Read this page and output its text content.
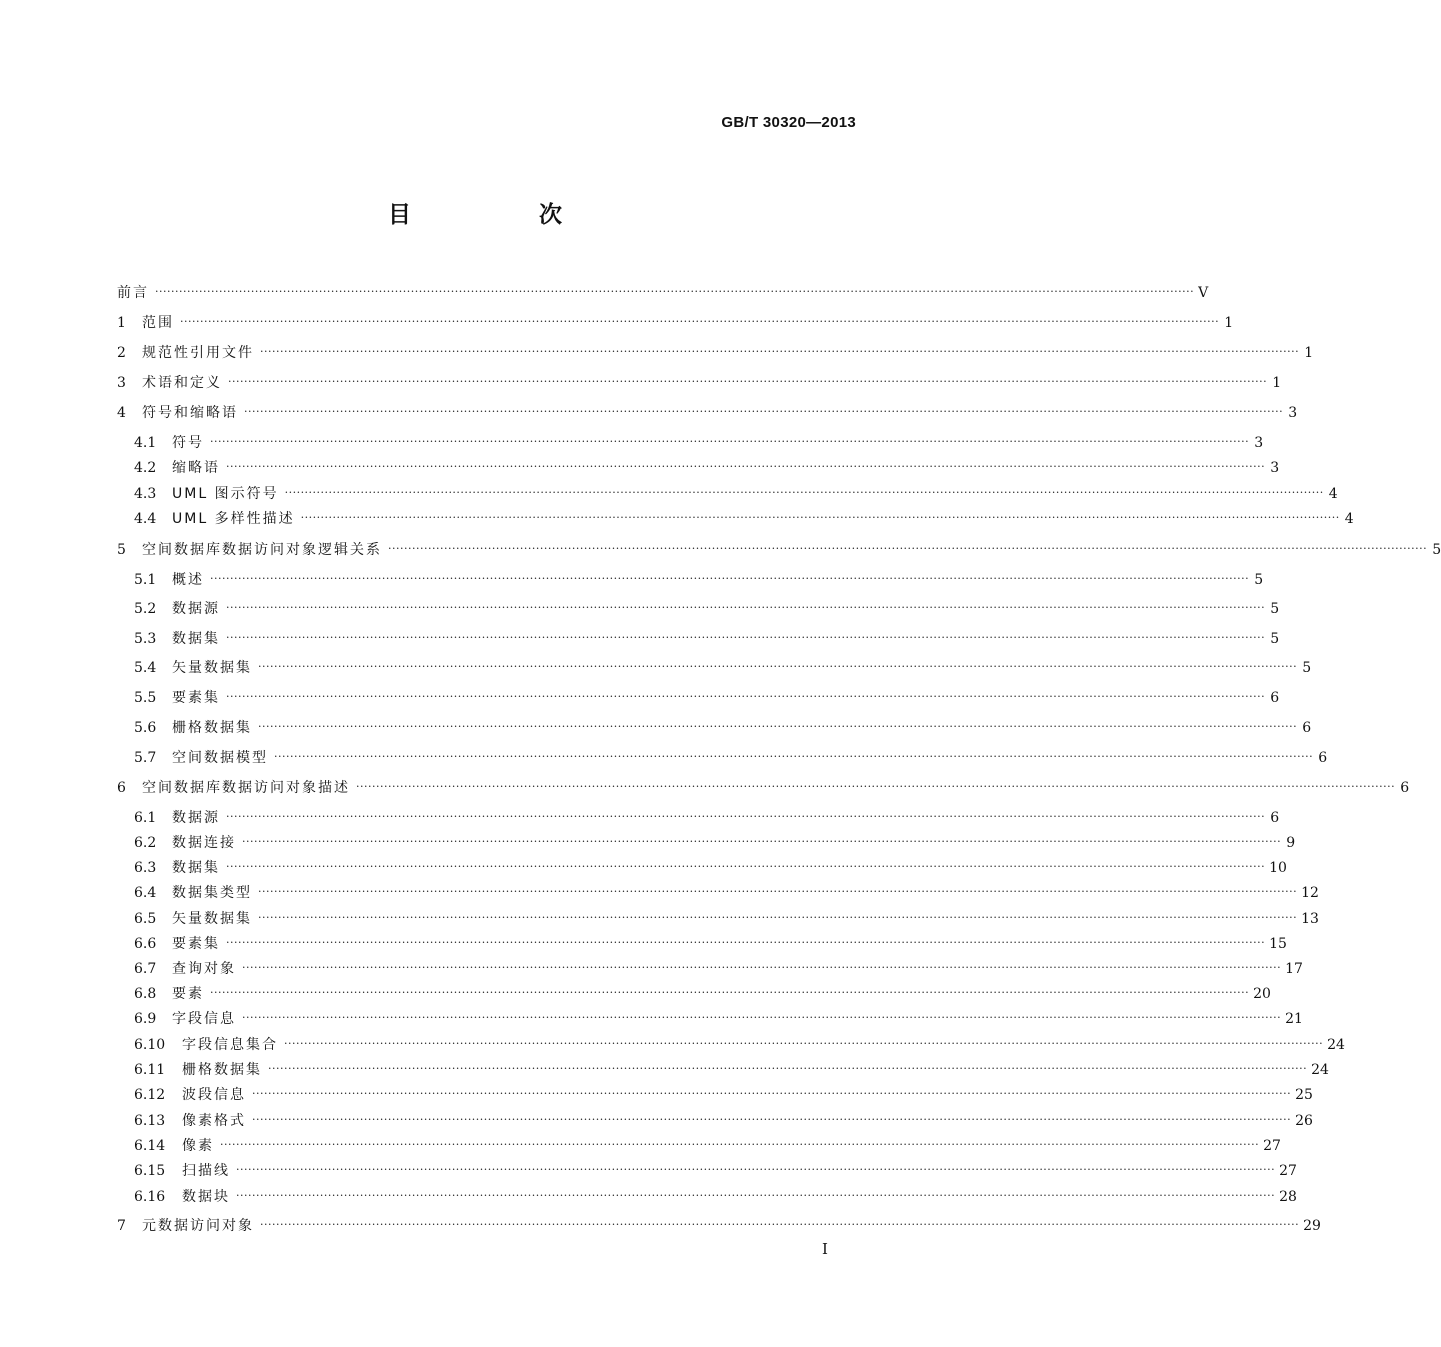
GB/T 30320—2013
目 次
前言 ···································································································································································································································································· V
1	范围 ···································································································································································································································································· 1
2	规范性引用文件 ···································································································································································································································································· 1
3	术语和定义 ···································································································································································································································································· 1
4	符号和缩略语 ···································································································································································································································································· 3
4.1	符号 ···································································································································································································································································· 3
4.2	缩略语 ···································································································································································································································································· 3
4.3	UML 图示符号 ···································································································································································································································································· 4
4.4	UML 多样性描述 ···································································································································································································································································· 4
5	空间数据库数据访问对象逻辑关系 ···································································································································································································································································· 5
5.1	概述 ···································································································································································································································································· 5
5.2	数据源 ···································································································································································································································································· 5
5.3	数据集 ···································································································································································································································································· 5
5.4	矢量数据集 ···································································································································································································································································· 5
5.5	要素集 ···································································································································································································································································· 6
5.6	栅格数据集 ···································································································································································································································································· 6
5.7	空间数据模型 ···································································································································································································································································· 6
6	空间数据库数据访问对象描述 ···································································································································································································································································· 6
6.1	数据源 ···································································································································································································································································· 6
6.2	数据连接 ···································································································································································································································································· 9
6.3	数据集 ···································································································································································································································································· 10
6.4	数据集类型 ···································································································································································································································································· 12
6.5	矢量数据集 ···································································································································································································································································· 13
6.6	要素集 ···································································································································································································································································· 15
6.7	查询对象 ···································································································································································································································································· 17
6.8	要素 ···································································································································································································································································· 20
6.9	字段信息 ···································································································································································································································································· 21
6.10	字段信息集合 ···································································································································································································································································· 24
6.11	栅格数据集 ···································································································································································································································································· 24
6.12	波段信息 ···································································································································································································································································· 25
6.13	像素格式 ···································································································································································································································································· 26
6.14	像素 ···································································································································································································································································· 27
6.15	扫描线 ···································································································································································································································································· 27
6.16	数据块 ···································································································································································································································································· 28
7	元数据访问对象 ···································································································································································································································································· 29
I
